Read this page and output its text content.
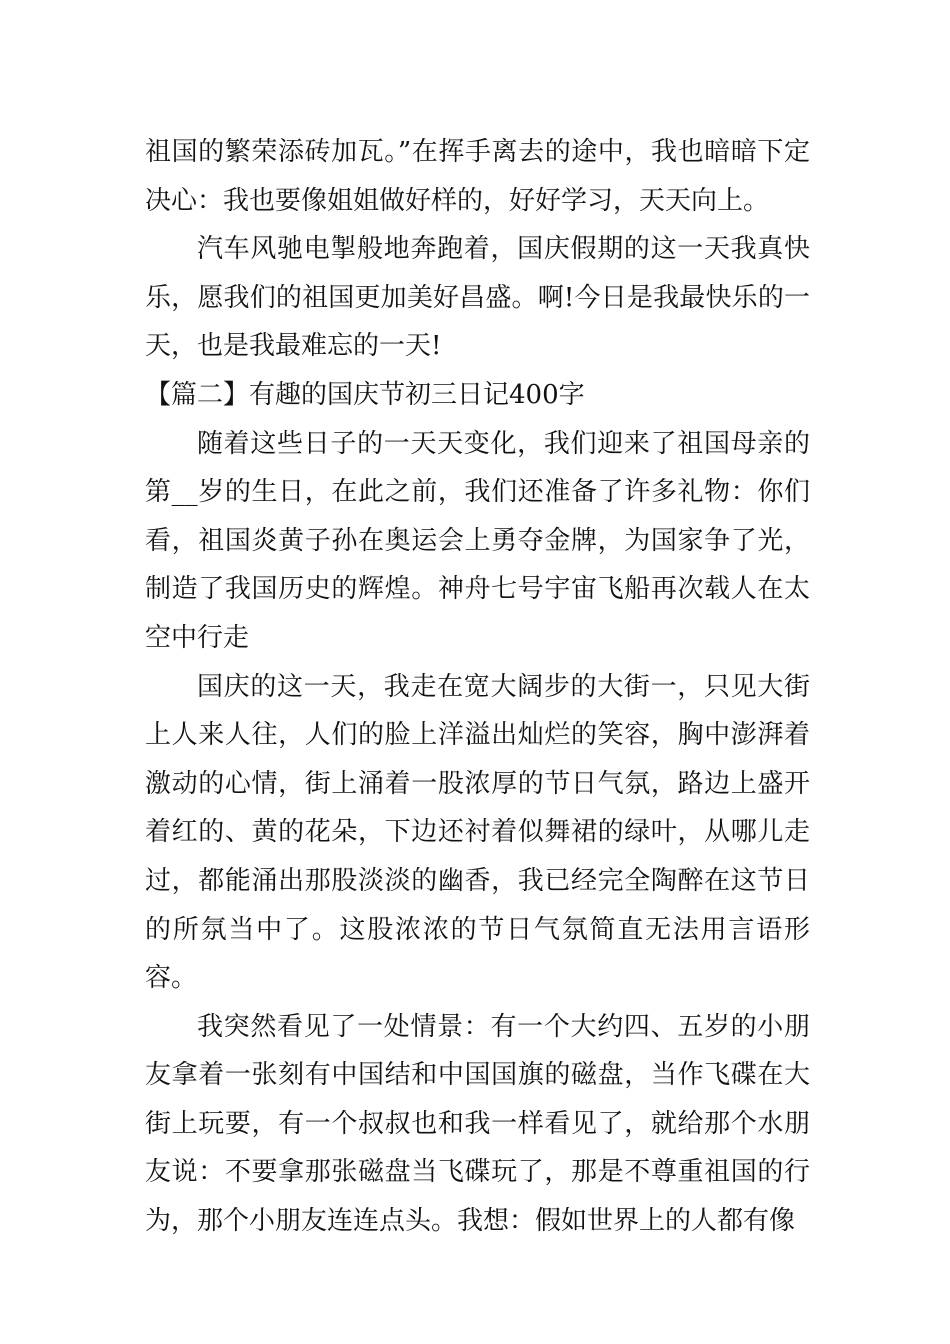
祖国的繁荣添砖加瓦。”在挥手离去的途中，我也暗暗下定决心：我也要像姐姐做好样的，好好学习，天天向上。

汽车风驰电掣般地奔跑着，国庆假期的这一天我真快乐，愿我们的祖国更加美好昌盛。啊!今日是我最快乐的一天，也是我最难忘的一天!

【篇二】有趣的国庆节初三日记400字

随着这些日子的一天天变化，我们迎来了祖国母亲的第__岁的生日，在此之前，我们还准备了许多礼物：你们看，祖国炎黄子孙在奥运会上勇夺金牌，为国家争了光，制造了我国历史的辉煌。神舟七号宇宙飞船再次载人在太空中行走

国庆的这一天，我走在宽大阔步的大街一，只见大街上人来人往，人们的脸上洋溢出灿烂的笑容，胸中澎湃着激动的心情，街上涌着一股浓厚的节日气氛，路边上盛开着红的、黄的花朵，下边还衬着似舞裙的绿叶，从哪儿走过，都能涌出那股淡淡的幽香，我已经完全陶醉在这节日的所氛当中了。这股浓浓的节日气氛简直无法用言语形容。

我突然看见了一处情景：有一个大约四、五岁的小朋友拿着一张刻有中国结和中国国旗的磁盘，当作飞碟在大街上玩要，有一个叔叔也和我一样看见了，就给那个水朋友说：不要拿那张磁盘当飞碟玩了，那是不尊重祖国的行为，那个小朋友连连点头。我想：假如世界上的人都有像
